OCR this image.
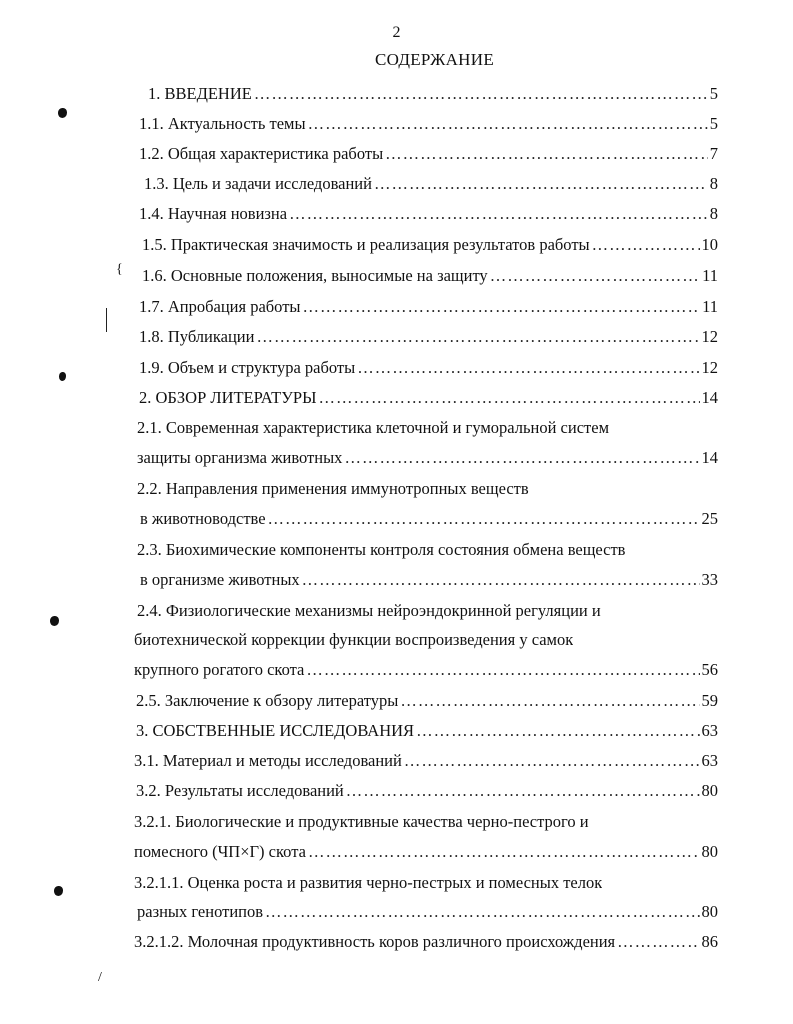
2
СОДЕРЖАНИЕ
1. ВВЕДЕНИЕ ……………………………………………………………………………………………………………………………………………………………………	5
1.1. Актуальность темы ……………………………………………………………………………………………………………………………………………………………………	5
1.2. Общая характеристика работы ……………………………………………………………………………………………………………………………………………………………………	7
1.3. Цель и задачи исследований ……………………………………………………………………………………………………………………………………………………………………	8
1.4. Научная новизна ……………………………………………………………………………………………………………………………………………………………………	8
1.5. Практическая значимость и реализация результатов работы ……………………………………………………………………………………………………………………………………………………………………	10
1.6. Основные положения, выносимые на защиту ……………………………………………………………………………………………………………………………………………………………………	11
1.7. Апробация работы ……………………………………………………………………………………………………………………………………………………………………	11
1.8. Публикации ……………………………………………………………………………………………………………………………………………………………………	12
1.9. Объем и структура работы ……………………………………………………………………………………………………………………………………………………………………	12
2. ОБЗОР ЛИТЕРАТУРЫ ……………………………………………………………………………………………………………………………………………………………………	14
2.1. Современная характеристика клеточной и гуморальной систем
защиты организма животных ……………………………………………………………………………………………………………………………………………………………………	14
2.2. Направления применения иммунотропных веществ
в животноводстве ……………………………………………………………………………………………………………………………………………………………………	25
2.3. Биохимические компоненты контроля состояния обмена веществ
в организме животных ……………………………………………………………………………………………………………………………………………………………………	33
2.4. Физиологические механизмы нейроэндокринной регуляции и
биотехнической коррекции функции воспроизведения у самок
крупного рогатого скота ……………………………………………………………………………………………………………………………………………………………………	56
2.5. Заключение к обзору литературы ……………………………………………………………………………………………………………………………………………………………………	59
3. СОБСТВЕННЫЕ ИССЛЕДОВАНИЯ ……………………………………………………………………………………………………………………………………………………………………	63
3.1. Материал и методы исследований ……………………………………………………………………………………………………………………………………………………………………	63
3.2. Результаты исследований ……………………………………………………………………………………………………………………………………………………………………	80
3.2.1. Биологические и продуктивные качества черно-пестрого и
помесного (ЧП×Г) скота ……………………………………………………………………………………………………………………………………………………………………	80
3.2.1.1. Оценка роста и развития черно-пестрых и помесных телок
разных генотипов ……………………………………………………………………………………………………………………………………………………………………	80
3.2.1.2. Молочная продуктивность коров различного происхождения ……………………………………………………………………………………………………………………………………………………………………	86
{
/
